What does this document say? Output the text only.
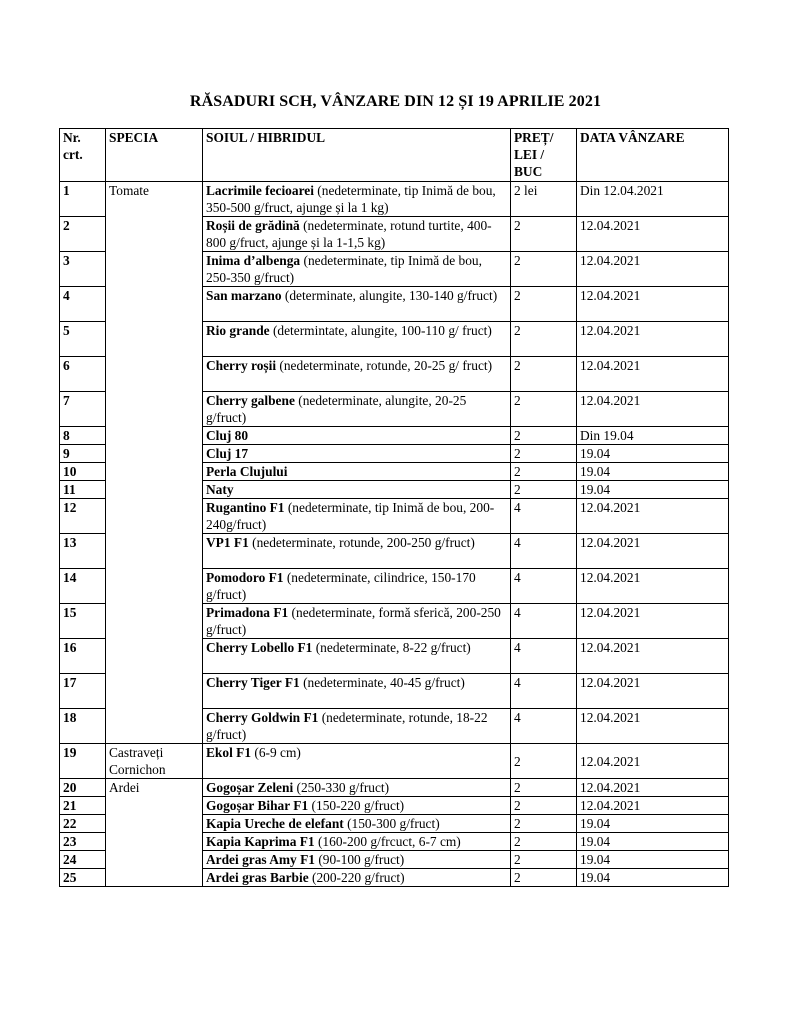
RĂSADURI SCH, VÂNZARE DIN 12 ȘI 19 APRILIE 2021
Nr.
crt.	SPECIA	SOIUL / HIBRIDUL	PREȚ/
LEI /
BUC	DATA VÂNZARE
1	Tomate	Lacrimile fecioarei (nedeterminate, tip Inimă de bou, 350-500 g/fruct, ajunge și la 1 kg)	2 lei	Din 12.04.2021
2		Roșii de grădină (nedeterminate, rotund turtite, 400-800 g/fruct, ajunge și la 1-1,5 kg)	2	12.04.2021
3		Inima d’albenga (nedeterminate, tip Inimă de bou, 250-350 g/fruct)	2	12.04.2021
4		San marzano (determinate, alungite, 130-140 g/fruct)	2	12.04.2021
5		Rio grande (determintate, alungite, 100-110 g/ fruct)	2	12.04.2021
6		Cherry roșii (nedeterminate, rotunde, 20-25 g/ fruct)	2	12.04.2021
7		Cherry galbene (nedeterminate, alungite, 20-25 g/fruct)	2	12.04.2021
8		Cluj 80	2	Din 19.04
9		Cluj 17	2	19.04
10		Perla Clujului	2	19.04
11		Naty	2	19.04
12		Rugantino F1 (nedeterminate, tip Inimă de bou, 200-240g/fruct)	4	12.04.2021
13		VP1 F1 (nedeterminate, rotunde, 200-250 g/fruct)	4	12.04.2021
14		Pomodoro F1 (nedeterminate, cilindrice, 150-170 g/fruct)	4	12.04.2021
15		Primadona F1 (nedeterminate, formă sferică, 200-250 g/fruct)	4	12.04.2021
16		Cherry Lobello F1 (nedeterminate, 8-22 g/fruct)	4	12.04.2021
17		Cherry Tiger F1 (nedeterminate, 40-45 g/fruct)	4	12.04.2021
18		Cherry Goldwin F1 (nedeterminate, rotunde, 18-22 g/fruct)	4	12.04.2021
19	Castraveți Cornichon	Ekol F1 (6-9 cm)	2	12.04.2021
20	Ardei	Gogoșar Zeleni (250-330 g/fruct)	2	12.04.2021
21		Gogoșar Bihar F1 (150-220 g/fruct)	2	12.04.2021
22		Kapia Ureche de elefant (150-300 g/fruct)	2	19.04
23		Kapia Kaprima F1 (160-200 g/frcuct, 6-7 cm)	2	19.04
24		Ardei gras Amy F1 (90-100 g/fruct)	2	19.04
25		Ardei gras Barbie (200-220 g/fruct)	2	19.04
